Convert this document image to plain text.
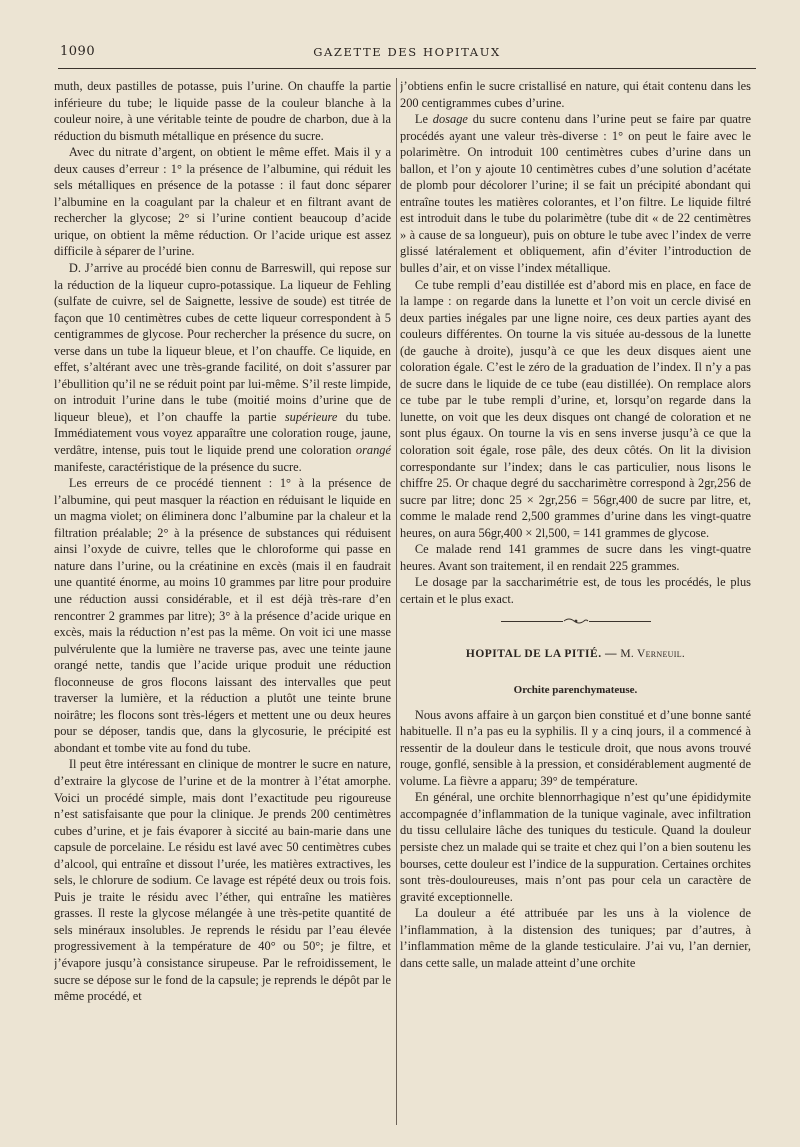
1090	GAZETTE DES HOPITAUX

muth, deux pastilles de potasse, puis l’urine. On chauffe la partie inférieure du tube; le liquide passe de la couleur blanche à la couleur noire, à une véritable teinte de poudre de charbon, due à la réduction du bismuth métallique en présence du sucre.

Avec du nitrate d’argent, on obtient le même effet. Mais il y a deux causes d’erreur : 1° la présence de l’albumine, qui réduit les sels métalliques en présence de la potasse : il faut donc séparer l’albumine en la coagulant par la chaleur et en filtrant avant de rechercher la glycose; 2° si l’urine contient beaucoup d’acide urique, on obtient la même réduction. Or l’acide urique est assez difficile à séparer de l’urine.

D. J’arrive au procédé bien connu de Barreswill, qui repose sur la réduction de la liqueur cupro-potassique. La liqueur de Fehling (sulfate de cuivre, sel de Saignette, lessive de soude) est titrée de façon que 10 centimètres cubes de cette liqueur correspondent à 5 centigrammes de glycose. Pour rechercher la présence du sucre, on verse dans un tube la liqueur bleue, et l’on chauffe. Ce liquide, en effet, s’altérant avec une très-grande facilité, on doit s’assurer par l’ébullition qu’il ne se réduit point par lui-même. S’il reste limpide, on introduit l’urine dans le tube (moitié moins d’urine que de liqueur bleue), et l’on chauffe la partie supérieure du tube. Immédiatement vous voyez apparaître une coloration rouge, jaune, verdâtre, intense, puis tout le liquide prend une coloration orangé manifeste, caractéristique de la présence du sucre.

Les erreurs de ce procédé tiennent : 1° à la présence de l’albumine, qui peut masquer la réaction en réduisant le liquide en un magma violet; on éliminera donc l’albumine par la chaleur et la filtration préalable; 2° à la présence de substances qui réduisent ainsi l’oxyde de cuivre, telles que le chloroforme qui passe en nature dans l’urine, ou la créatinine en excès (mais il en faudrait une quantité énorme, au moins 10 grammes par litre pour produire une réduction aussi considérable, et il est déjà très-rare d’en rencontrer 2 grammes par litre); 3° à la présence d’acide urique en excès, mais la réduction n’est pas la même. On voit ici une masse pulvérulente que la lumière ne traverse pas, avec une teinte jaune orangé nette, tandis que l’acide urique produit une réduction floconneuse de gros flocons laissant des intervalles que peut traverser la lumière, et la réduction a plutôt une teinte brune noirâtre; les flocons sont très-légers et mettent une ou deux heures pour se déposer, tandis que, dans la glycosurie, le précipité est abondant et tombe vite au fond du tube.

Il peut être intéressant en clinique de montrer le sucre en nature, d’extraire la glycose de l’urine et de la montrer à l’état amorphe. Voici un procédé simple, mais dont l’exactitude peu rigoureuse n’est satisfaisante que pour la clinique. Je prends 200 centimètres cubes d’urine, et je fais évaporer à siccité au bain-marie dans une capsule de porcelaine. Le résidu est lavé avec 50 centimètres cubes d’alcool, qui entraîne et dissout l’urée, les matières extractives, les sels, le chlorure de sodium. Ce lavage est répété deux ou trois fois. Puis je traite le résidu avec l’éther, qui entraîne les matières grasses. Il reste la glycose mélangée à une très-petite quantité de sels minéraux insolubles. Je reprends le résidu par l’eau élevée progressivement à la température de 40° ou 50°; je filtre, et j’évapore jusqu’à consistance sirupeuse. Par le refroidissement, le sucre se dépose sur le fond de la capsule; je reprends le dépôt par le même procédé, et

j’obtiens enfin le sucre cristallisé en nature, qui était contenu dans les 200 centigrammes cubes d’urine.

Le dosage du sucre contenu dans l’urine peut se faire par quatre procédés ayant une valeur très-diverse : 1° on peut le faire avec le polarimètre. On introduit 100 centimètres cubes d’urine dans un ballon, et l’on y ajoute 10 centimètres cubes d’une solution d’acétate de plomb pour décolorer l’urine; il se fait un précipité abondant qui entraîne toutes les matières colorantes, et l’on filtre. Le liquide filtré est introduit dans le tube du polarimètre (tube dit « de 22 centimètres » à cause de sa longueur), puis on obture le tube avec l’index de verre glissé latéralement et obliquement, afin d’éviter l’introduction de bulles d’air, et on visse l’index métallique.

Ce tube rempli d’eau distillée est d’abord mis en place, en face de la lampe : on regarde dans la lunette et l’on voit un cercle divisé en deux parties inégales par une ligne noire, ces deux parties ayant des couleurs différentes. On tourne la vis située au-dessous de la lunette (de gauche à droite), jusqu’à ce que les deux disques aient une coloration égale. C’est le zéro de la graduation de l’index. Il n’y a pas de sucre dans le liquide de ce tube (eau distillée). On remplace alors ce tube par le tube rempli d’urine, et, lorsqu’on regarde dans la lunette, on voit que les deux disques ont changé de coloration et ne sont plus égaux. On tourne la vis en sens inverse jusqu’à ce que la coloration soit égale, rose pâle, des deux côtés. On lit la division correspondante sur l’index; dans le cas particulier, nous lisons le chiffre 25. Or chaque degré du saccharimètre correspond à 2gr,256 de sucre par litre; donc 25 × 2gr,256 = 56gr,400 de sucre par litre, et, comme le malade rend 2,500 grammes d’urine dans les vingt-quatre heures, on aura 56gr,400 × 2l,500, = 141 grammes de glycose.

Ce malade rend 141 grammes de sucre dans les vingt-quatre heures. Avant son traitement, il en rendait 225 grammes.

Le dosage par la saccharimétrie est, de tous les procédés, le plus certain et le plus exact.

HOPITAL DE LA PITIÉ. — M. Verneuil.
Orchite parenchymateuse.

Nous avons affaire à un garçon bien constitué et d’une bonne santé habituelle. Il n’a pas eu la syphilis. Il y a cinq jours, il a commencé à ressentir de la douleur dans le testicule droit, que nous avons trouvé rouge, gonflé, sensible à la pression, et considérablement augmenté de volume. La fièvre a apparu; 39° de température.

En général, une orchite blennorrhagique n’est qu’une épididymite accompagnée d’inflammation de la tunique vaginale, avec infiltration du tissu cellulaire lâche des tuniques du testicule. Quand la douleur persiste chez un malade qui se traite et chez qui l’on a bien soutenu les bourses, cette douleur est l’indice de la suppuration. Certaines orchites sont très-douloureuses, mais n’ont pas pour cela un caractère de gravité exceptionnelle.

La douleur a été attribuée par les uns à la violence de l’inflammation, à la distension des tuniques; par d’autres, à l’inflammation même de la glande testiculaire. J’ai vu, l’an dernier, dans cette salle, un malade atteint d’une orchite
